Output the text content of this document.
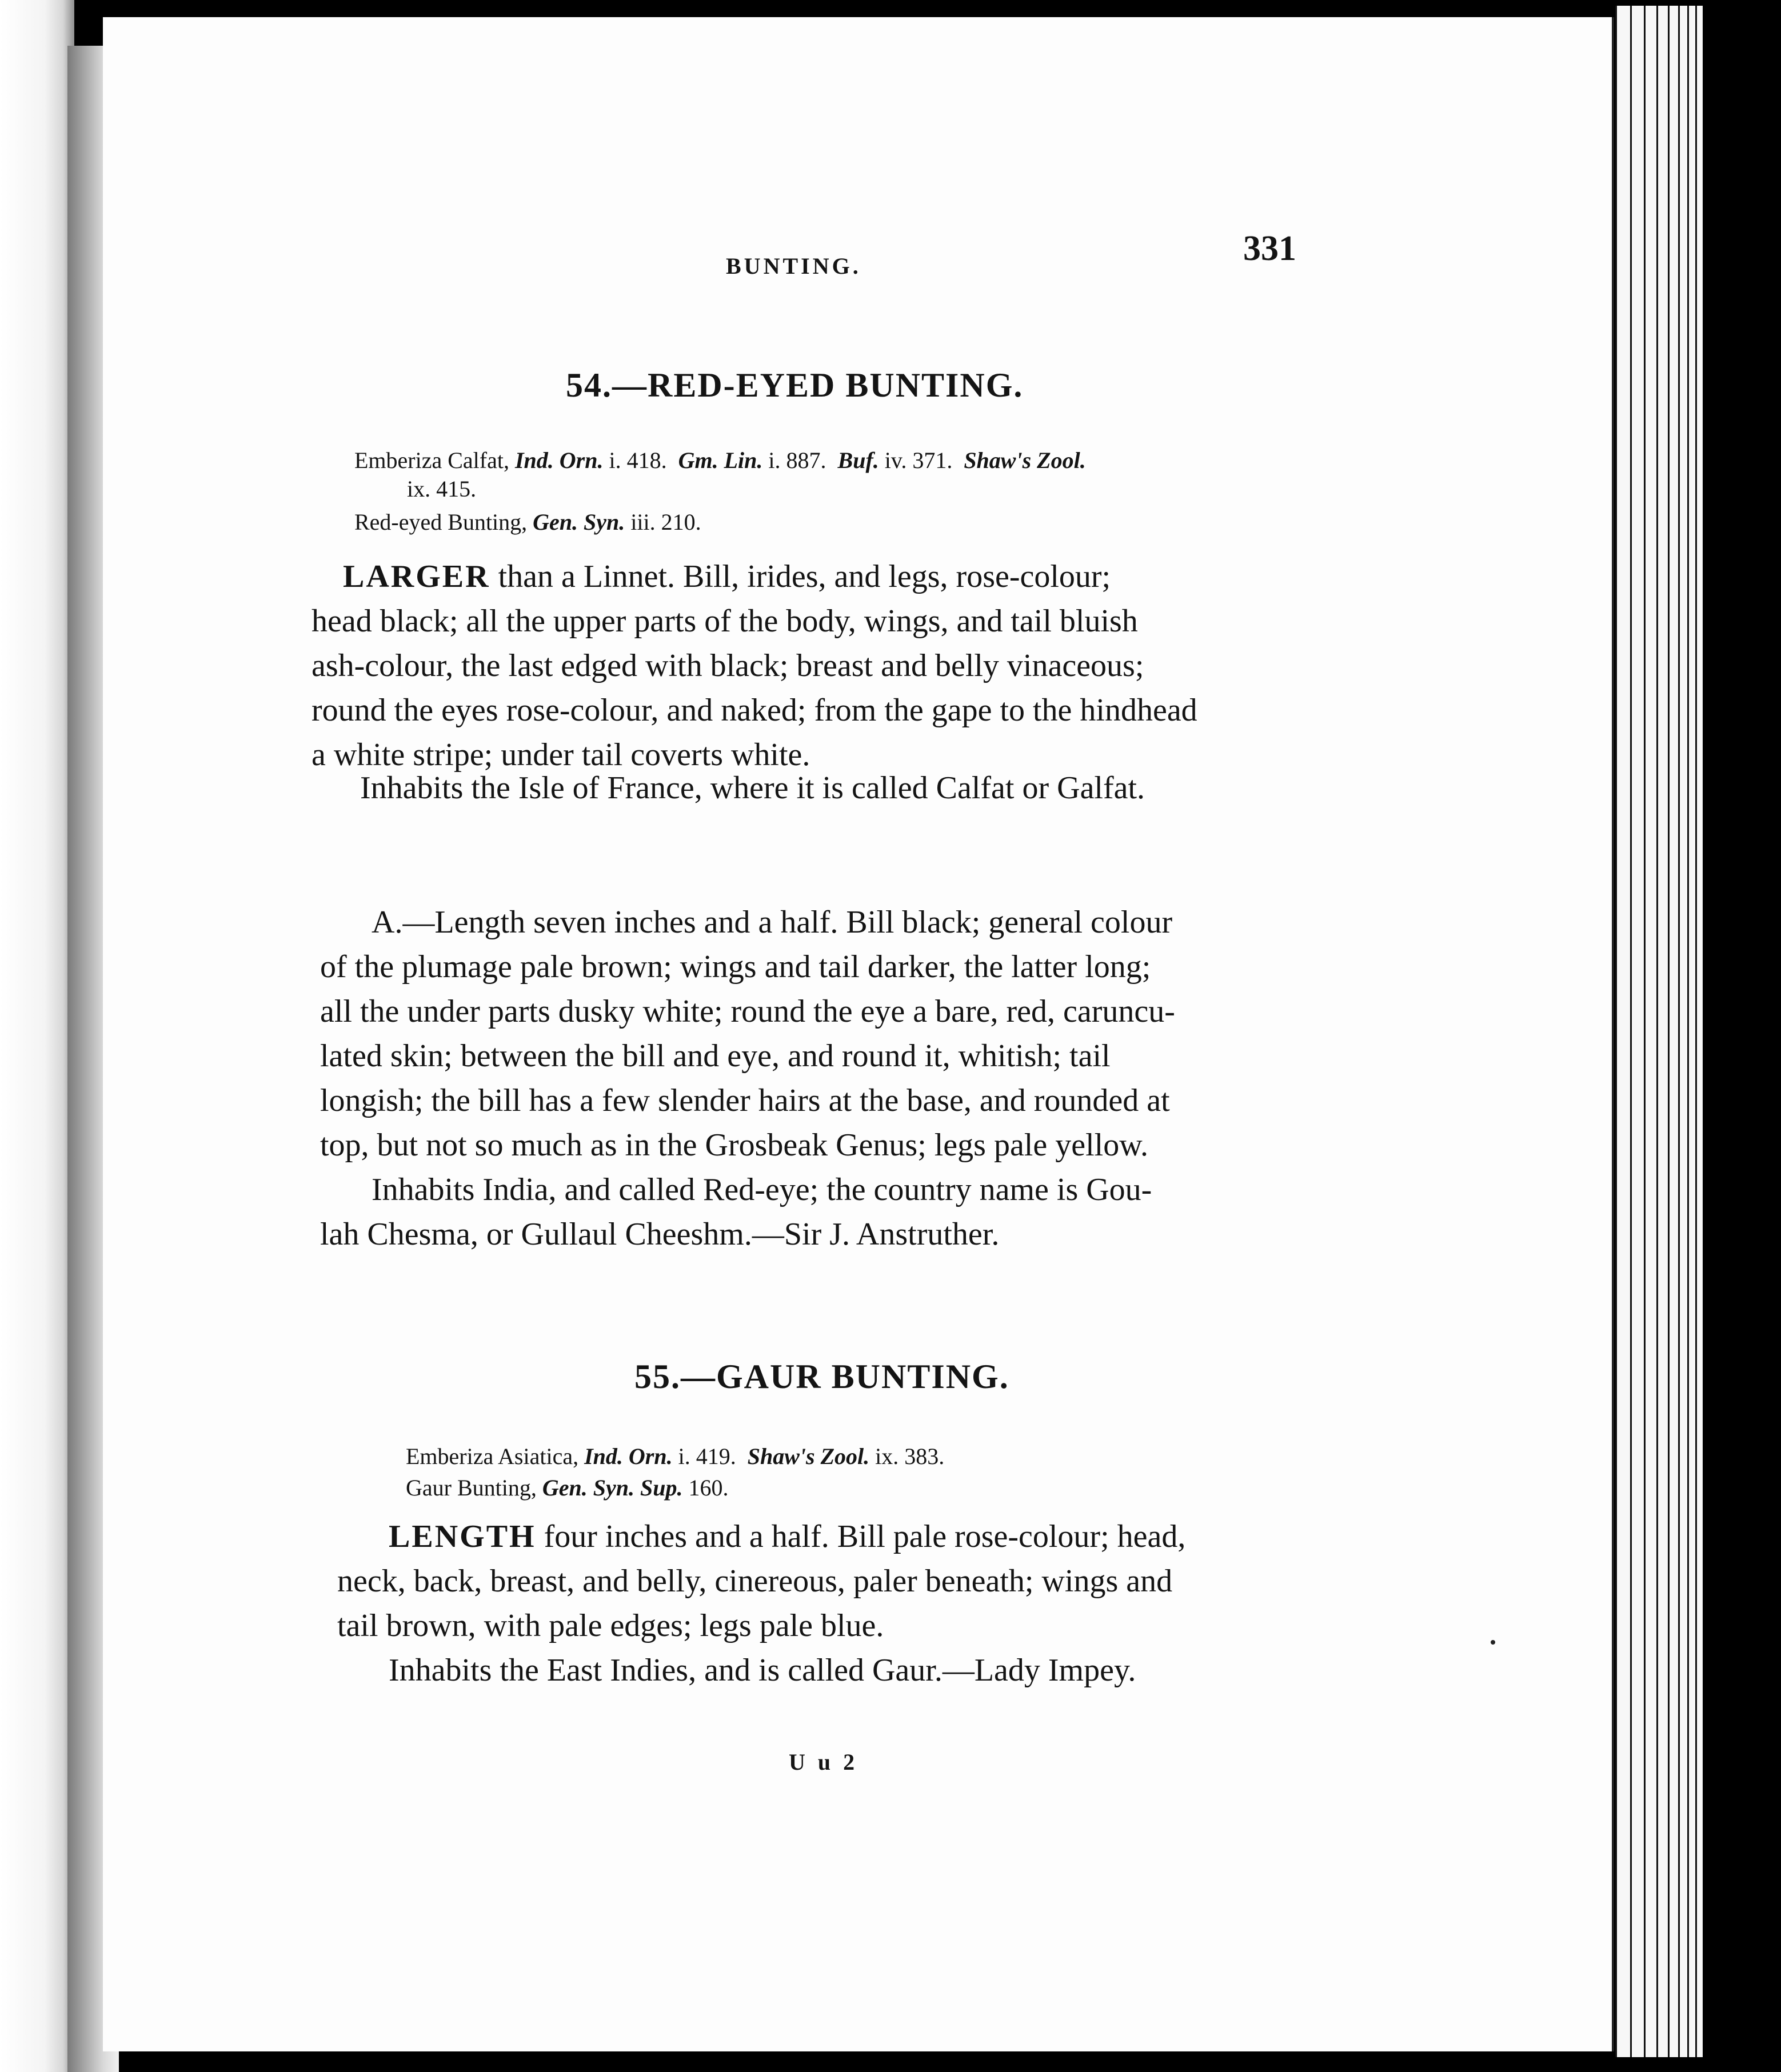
BUNTING.	331
54.—RED-EYED BUNTING.
Emberiza Calfat, Ind. Orn. i. 418. Gm. Lin. i. 887. Buf. iv. 371. Shaw's Zool.
ix. 415.
Red-eyed Bunting, Gen. Syn. iii. 210.
LARGER than a Linnet. Bill, irides, and legs, rose-colour;
head black; all the upper parts of the body, wings, and tail bluish
ash-colour, the last edged with black; breast and belly vinaceous;
round the eyes rose-colour, and naked; from the gape to the hindhead
a white stripe; under tail coverts white.
Inhabits the Isle of France, where it is called Calfat or Galfat.
A.—Length seven inches and a half. Bill black; general colour
of the plumage pale brown; wings and tail darker, the latter long;
all the under parts dusky white; round the eye a bare, red, caruncu-
lated skin; between the bill and eye, and round it, whitish; tail
longish; the bill has a few slender hairs at the base, and rounded at
top, but not so much as in the Grosbeak Genus; legs pale yellow.
Inhabits India, and called Red-eye; the country name is Gou-
lah Chesma, or Gullaul Cheeshm.—Sir J. Anstruther.
55.—GAUR BUNTING.
Emberiza Asiatica, Ind. Orn. i. 419. Shaw's Zool. ix. 383.
Gaur Bunting, Gen. Syn. Sup. 160.
LENGTH four inches and a half. Bill pale rose-colour; head,
neck, back, breast, and belly, cinereous, paler beneath; wings and
tail brown, with pale edges; legs pale blue.
Inhabits the East Indies, and is called Gaur.—Lady Impey.
U u 2
